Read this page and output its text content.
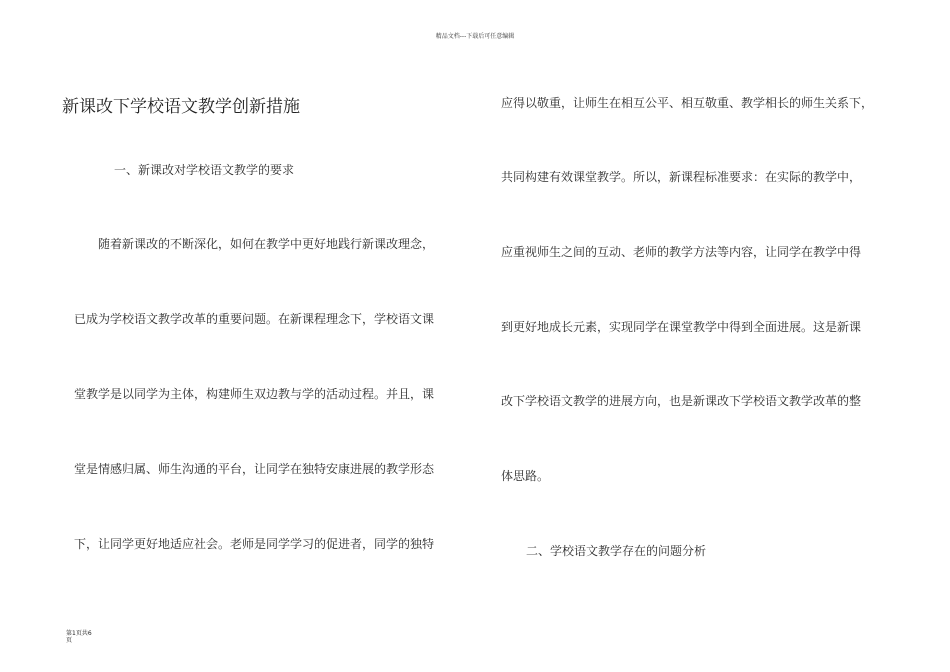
精品文档---下载后可任意编辑
新课改下学校语文教学创新措施
一、新课改对学校语文教学的要求
随着新课改的不断深化，如何在教学中更好地践行新课改理念，
已成为学校语文教学改革的重要问题。在新课程理念下，学校语文课
堂教学是以同学为主体，构建师生双边教与学的活动过程。并且，课
堂是情感归属、师生沟通的平台，让同学在独特安康进展的教学形态
下，让同学更好地适应社会。老师是同学学习的促进者，同学的独特
应得以敬重，让师生在相互公平、相互敬重、教学相长的师生关系下，
共同构建有效课堂教学。所以，新课程标准要求：在实际的教学中，
应重视师生之间的互动、老师的教学方法等内容，让同学在教学中得
到更好地成长元素，实现同学在课堂教学中得到全面进展。这是新课
改下学校语文教学的进展方向，也是新课改下学校语文教学改革的整
体思路。
二、学校语文教学存在的问题分析
第1页共6
页
